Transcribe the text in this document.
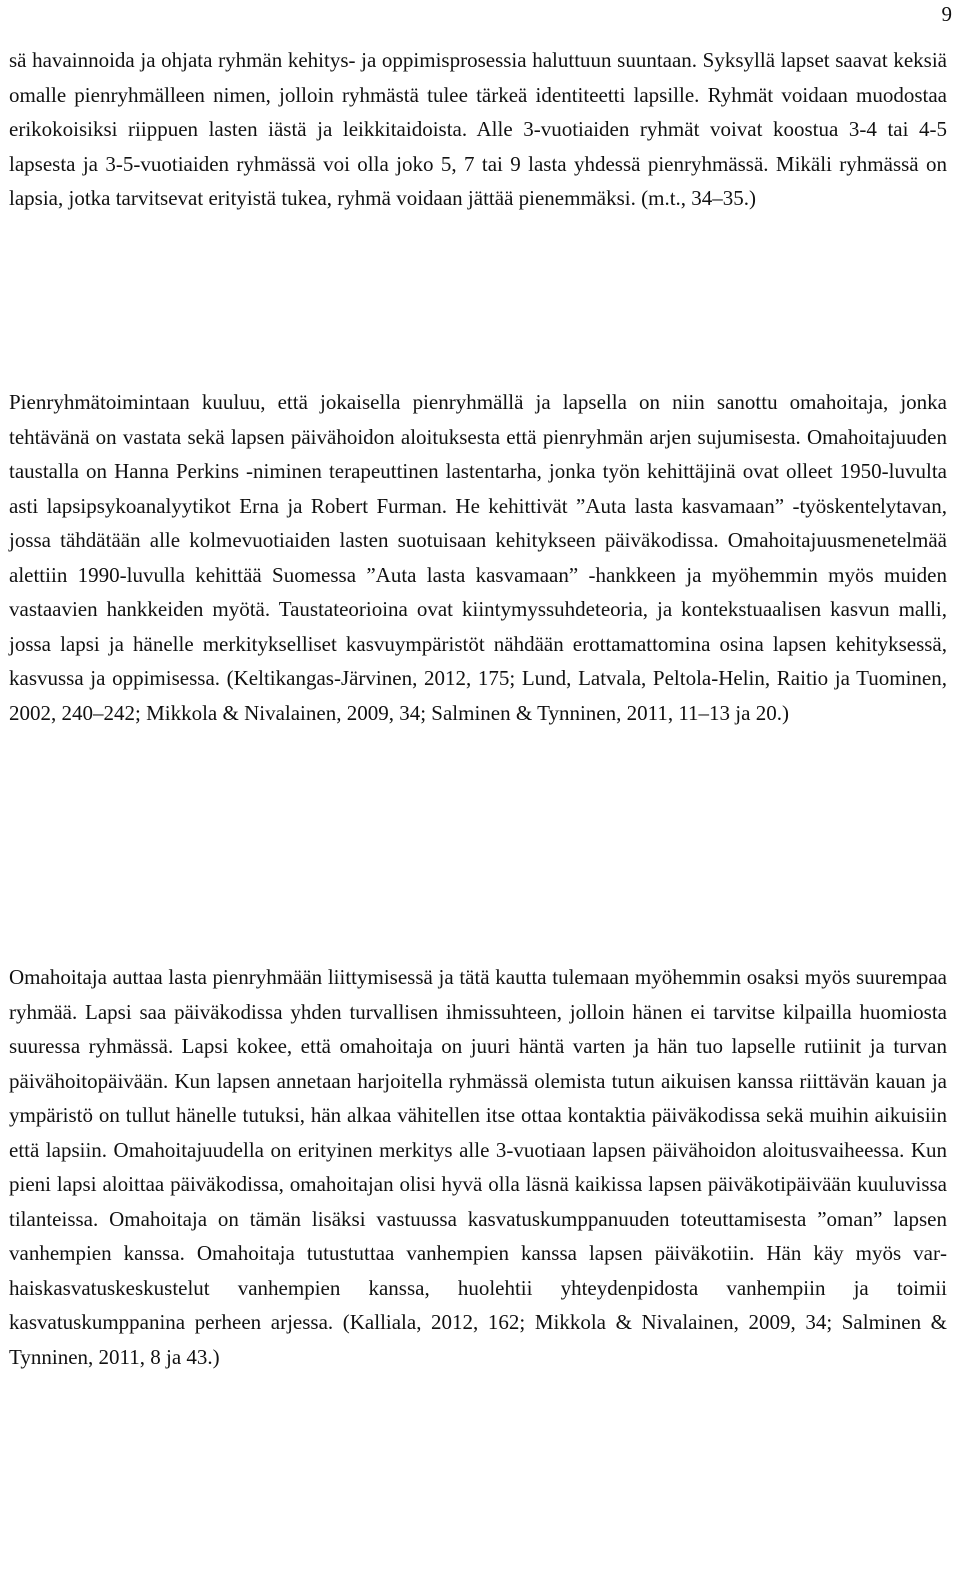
9

sä havainnoida ja ohjata ryhmän kehitys- ja oppimisprosessia haluttuun suuntaan. Syksyllä lapset saavat keksiä omalle pienryhmälleen nimen, jolloin ryhmästä tulee tärkeä identiteetti lapsille. Ryhmät voidaan muodostaa erikokoisiksi riippuen lasten iästä ja leikkitaidoista. Alle 3-vuotiaiden ryhmät voivat koostua 3-4 tai 4-5 lapsesta ja 3-5-vuotiaiden ryhmässä voi olla joko 5, 7 tai 9 lasta yhdessä pienryhmässä. Mikäli ryhmässä on lapsia, jotka tarvitsevat erityistä tukea, ryhmä voidaan jättää pienemmäksi. (m.t., 34–35.)

Pienryhmätoimintaan kuuluu, että jokaisella pienryhmällä ja lapsella on niin sanottu omahoitaja, jonka tehtävänä on vastata sekä lapsen päivähoidon aloituksesta että pienryhmän arjen sujumisesta. Omahoitajuuden taustalla on Hanna Perkins -niminen terapeuttinen lastentarha, jonka työn kehittäjinä ovat olleet 1950-luvulta asti lapsipsykoanalyytikot Erna ja Robert Furman. He kehittivät ”Auta lasta kasvamaan” -työskentelytavan, jossa tähdätään alle kolmevuotiaiden lasten suotuisaan kehitykseen päiväkodissa. Omahoitajuusmenetelmää alettiin 1990-luvulla kehittää Suomessa ”Auta lasta kasvamaan” -hankkeen ja myöhemmin myös muiden vastaavien hankkeiden myötä. Taustateorioina ovat kiintymyssuhdeteoria, ja kontekstuaalisen kasvun malli, jossa lapsi ja hänelle merkitykselliset kasvuympäristöt nähdään erottamattomina osina lapsen kehityksessä, kasvussa ja oppimisessa. (Keltikangas-Järvinen, 2012, 175; Lund, Latvala, Peltola-Helin, Raitio ja Tuominen, 2002, 240–242; Mikkola & Nivalainen, 2009, 34; Salminen & Tynninen, 2011, 11–13 ja 20.)

Omahoitaja auttaa lasta pienryhmään liittymisessä ja tätä kautta tulemaan myöhemmin osaksi myös suurempaa ryhmää. Lapsi saa päiväkodissa yhden turvallisen ihmissuhteen, jolloin hänen ei tarvitse kilpailla huomiosta suuressa ryhmässä. Lapsi kokee, että omahoitaja on juuri häntä varten ja hän tuo lapselle rutiinit ja turvan päivähoitopäivään. Kun lapsen annetaan harjoitella ryhmässä olemista tutun aikuisen kanssa riittävän kauan ja ympäristö on tullut hänelle tutuksi, hän alkaa vähitellen itse ottaa kontaktia päiväkodissa sekä muihin aikuisiin että lapsiin. Omahoitajuudella on erityinen merkitys alle 3-vuotiaan lapsen päivähoidon aloitusvaiheessa. Kun pieni lapsi aloittaa päiväkodissa, omahoitajan olisi hyvä olla läsnä kaikissa lapsen päiväkotipäivään kuuluvissa tilanteissa. Omahoitaja on tämän lisäksi vastuussa kasvatuskumppanuuden toteuttamisesta ”oman” lapsen vanhempien kanssa. Omahoitaja tutustuttaa vanhempien kanssa lapsen päiväkotiin. Hän käy myös varhaiskasvatuskeskustelut vanhempien kanssa, huolehtii yhteydenpidosta vanhempiin ja toimii kasvatuskumppanina perheen arjessa. (Kalliala, 2012, 162; Mikkola & Nivalainen, 2009, 34; Salminen & Tynninen, 2011, 8 ja 43.)
